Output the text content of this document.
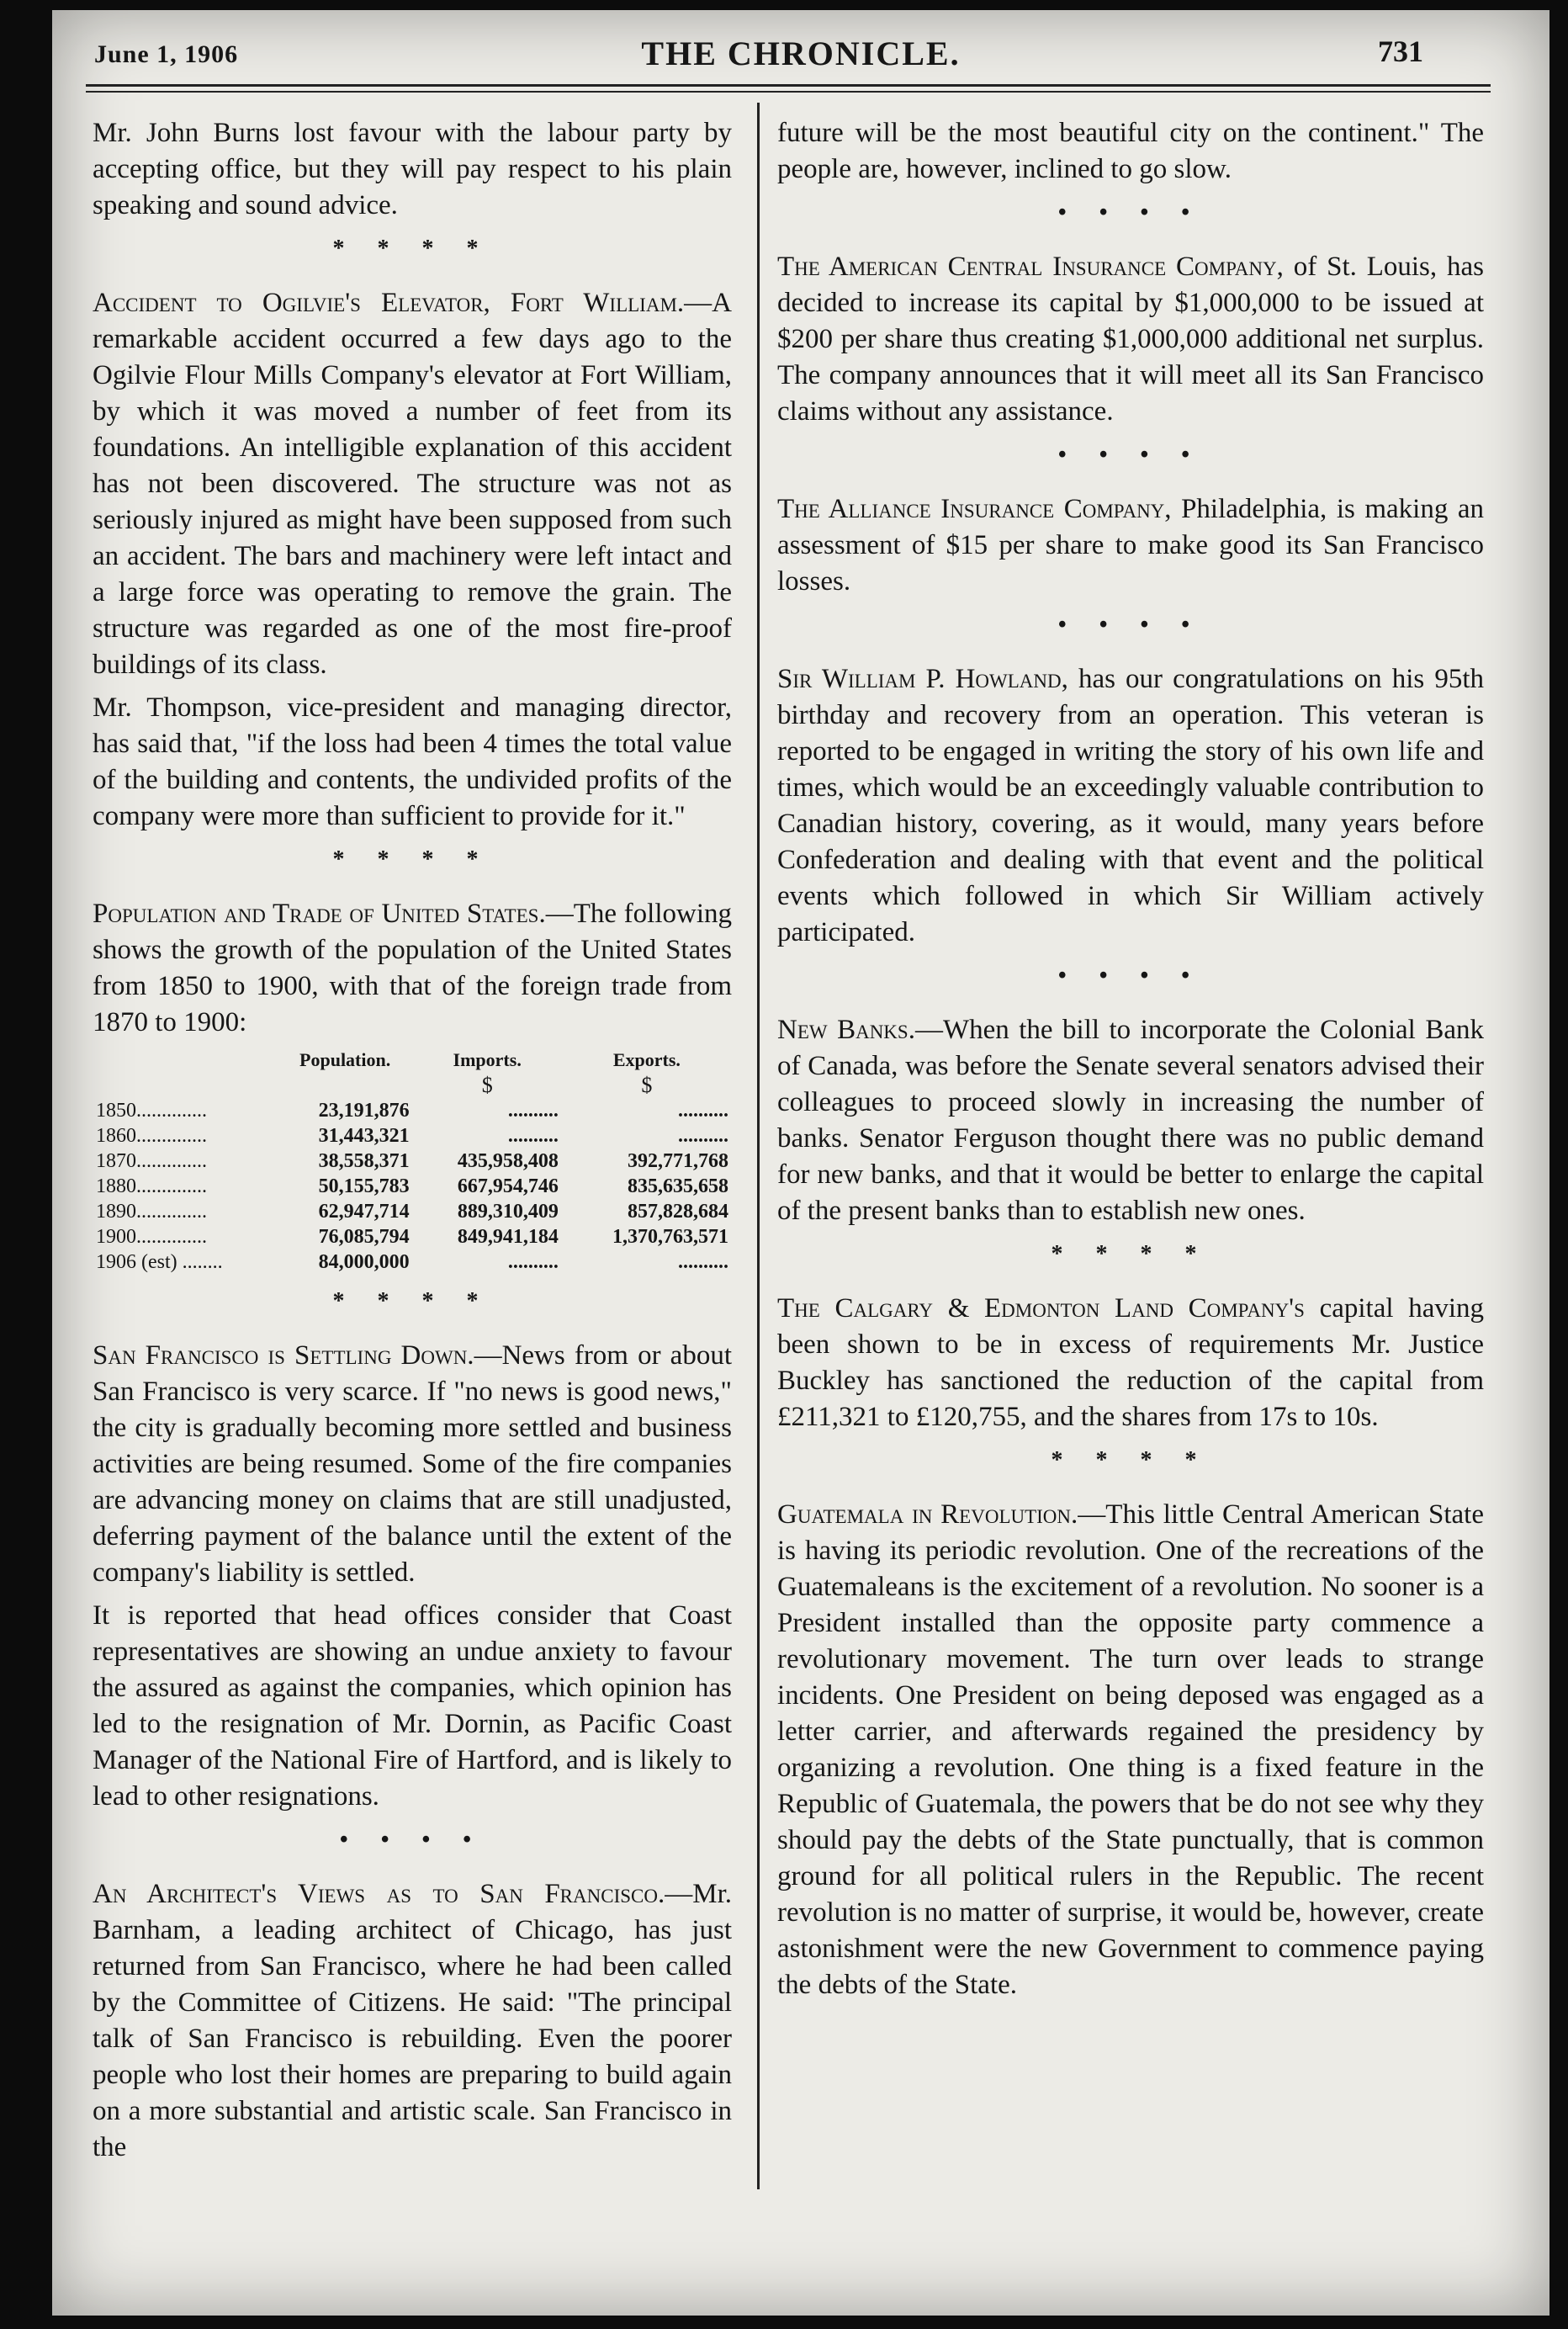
June 1, 1906	THE CHRONICLE.	731

Mr. John Burns lost favour with the labour party by accepting office, but they will pay respect to his plain speaking and sound advice.

* * * *

Accident to Ogilvie's Elevator, Fort William.—A remarkable accident occurred a few days ago to the Ogilvie Flour Mills Company's elevator at Fort William, by which it was moved a number of feet from its foundations. An intelligible explanation of this accident has not been discovered. The structure was not as seriously injured as might have been supposed from such an accident. The bars and machinery were left intact and a large force was operating to remove the grain. The structure was regarded as one of the most fire-proof buildings of its class.

Mr. Thompson, vice-president and managing director, has said that, "if the loss had been 4 times the total value of the building and contents, the undivided profits of the company were more than sufficient to provide for it."

* * * *

Population and Trade of United States.—The following shows the growth of the population of the United States from 1850 to 1900, with that of the foreign trade from 1870 to 1900:

	Population.	Imports.	Exports.
		$	$
1850..............	23,191,876	..........	..........
1860..............	31,443,321	..........	..........
1870..............	38,558,371	435,958,408	392,771,768
1880..............	50,155,783	667,954,746	835,635,658
1890..............	62,947,714	889,310,409	857,828,684
1900..............	76,085,794	849,941,184	1,370,763,571
1906 (est) ........	84,000,000	..........	..........
* * * *

San Francisco is Settling Down.—News from or about San Francisco is very scarce. If "no news is good news," the city is gradually becoming more settled and business activities are being resumed. Some of the fire companies are advancing money on claims that are still unadjusted, deferring payment of the balance until the extent of the company's liability is settled.

It is reported that head offices consider that Coast representatives are showing an undue anxiety to favour the assured as against the companies, which opinion has led to the resignation of Mr. Dornin, as Pacific Coast Manager of the National Fire of Hartford, and is likely to lead to other resignations.

• • • •

An Architect's Views as to San Francisco.—Mr. Barnham, a leading architect of Chicago, has just returned from San Francisco, where he had been called by the Committee of Citizens. He said: "The principal talk of San Francisco is rebuilding. Even the poorer people who lost their homes are preparing to build again on a more substantial and artistic scale. San Francisco in the

future will be the most beautiful city on the continent." The people are, however, inclined to go slow.

• • • •

The American Central Insurance Company, of St. Louis, has decided to increase its capital by $1,000,000 to be issued at $200 per share thus creating $1,000,000 additional net surplus. The company announces that it will meet all its San Francisco claims without any assistance.

• • • •

The Alliance Insurance Company, Philadelphia, is making an assessment of $15 per share to make good its San Francisco losses.

• • • •

Sir William P. Howland, has our congratulations on his 95th birthday and recovery from an operation. This veteran is reported to be engaged in writing the story of his own life and times, which would be an exceedingly valuable contribution to Canadian history, covering, as it would, many years before Confederation and dealing with that event and the political events which followed in which Sir William actively participated.

• • • •

New Banks.—When the bill to incorporate the Colonial Bank of Canada, was before the Senate several senators advised their colleagues to proceed slowly in increasing the number of banks. Senator Ferguson thought there was no public demand for new banks, and that it would be better to enlarge the capital of the present banks than to establish new ones.

* * * *

The Calgary & Edmonton Land Company's capital having been shown to be in excess of requirements Mr. Justice Buckley has sanctioned the reduction of the capital from £211,321 to £120,755, and the shares from 17s to 10s.

* * * *

Guatemala in Revolution.—This little Central American State is having its periodic revolution. One of the recreations of the Guatemaleans is the excitement of a revolution. No sooner is a President installed than the opposite party commence a revolutionary movement. The turn over leads to strange incidents. One President on being deposed was engaged as a letter carrier, and afterwards regained the presidency by organizing a revolution. One thing is a fixed feature in the Republic of Guatemala, the powers that be do not see why they should pay the debts of the State punctually, that is common ground for all political rulers in the Republic. The recent revolution is no matter of surprise, it would be, however, create astonishment were the new Government to commence paying the debts of the State.
